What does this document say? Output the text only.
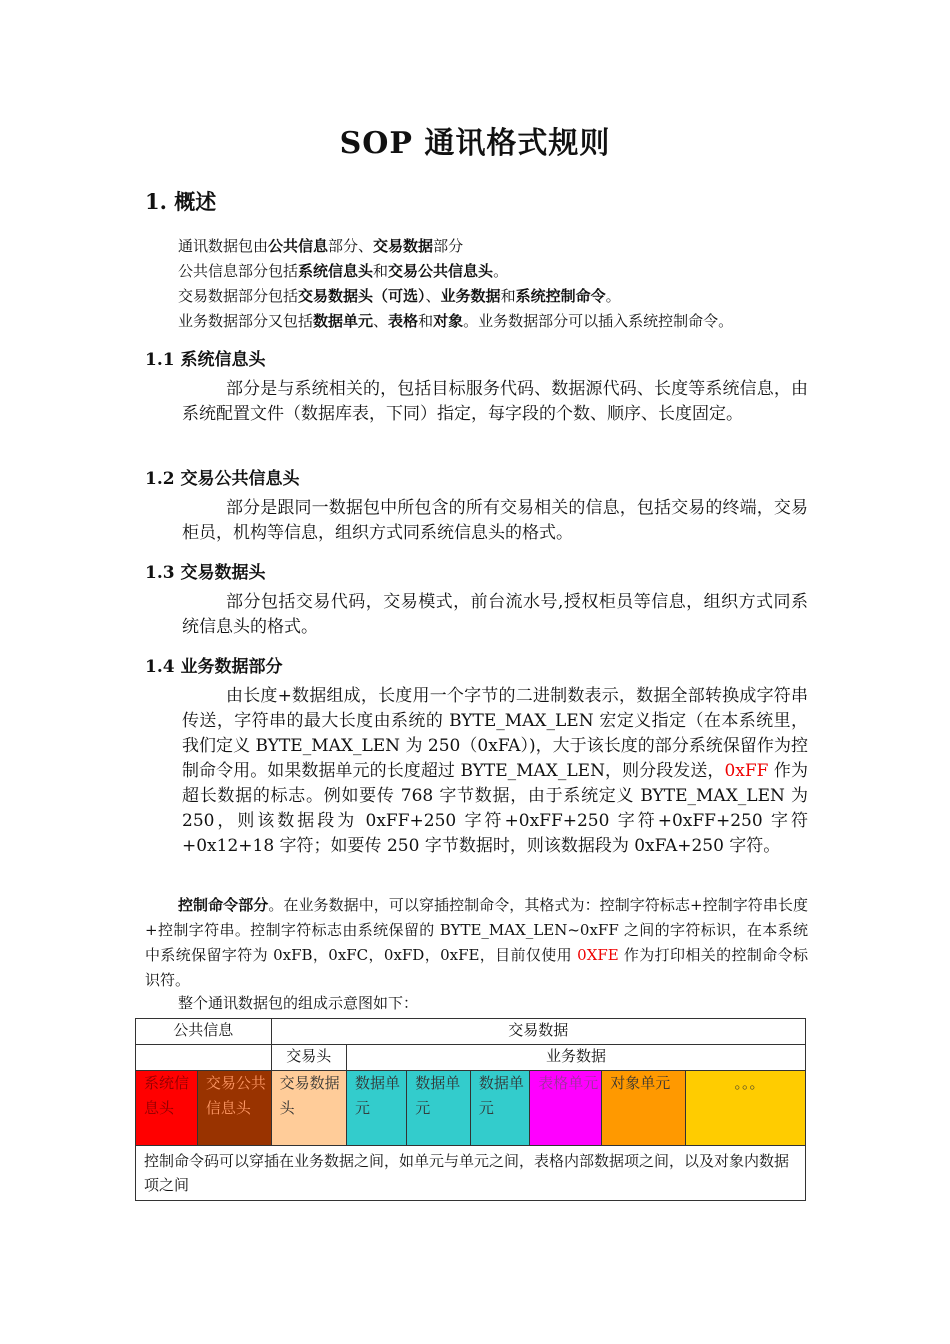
SOP 通讯格式规则
1. 概述
通讯数据包由公共信息部分、交易数据部分
公共信息部分包括系统信息头和交易公共信息头。
交易数据部分包括交易数据头（可选）、业务数据和系统控制命令。
业务数据部分又包括数据单元、表格和对象。业务数据部分可以插入系统控制命令。
1.1 系统信息头
部分是与系统相关的，包括目标服务代码、数据源代码、长度等系统信息，由系统配置文件（数据库表，下同）指定，每字段的个数、顺序、长度固定。
1.2 交易公共信息头
部分是跟同一数据包中所包含的所有交易相关的信息，包括交易的终端，交易柜员，机构等信息，组织方式同系统信息头的格式。
1.3 交易数据头
部分包括交易代码，交易模式，前台流水号,授权柜员等信息，组织方式同系统信息头的格式。
1.4 业务数据部分
由长度+数据组成，长度用一个字节的二进制数表示，数据全部转换成字符串传送，字符串的最大长度由系统的 BYTE_MAX_LEN 宏定义指定（在本系统里，我们定义 BYTE_MAX_LEN 为 250（0xFA）)，大于该长度的部分系统保留作为控制命令用。如果数据单元的长度超过 BYTE_MAX_LEN，则分段发送，0xFF 作为超长数据的标志。例如要传 768 字节数据，由于系统定义 BYTE_MAX_LEN 为 250，则该数据段为 0xFF+250 字符+0xFF+250 字符+0xFF+250 字符+0x12+18 字符；如要传 250 字节数据时，则该数据段为 0xFA+250 字符。
控制命令部分。在业务数据中，可以穿插控制命令，其格式为：控制字符标志+控制字符串长度+控制字符串。控制字符标志由系统保留的 BYTE_MAX_LEN~0xFF 之间的字符标识，在本系统中系统保留字符为 0xFB，0xFC，0xFD，0xFE，目前仅使用 0XFE 作为打印相关的控制命令标识符。
整个通讯数据包的组成示意图如下：
公共信息		交易数据						
		交易头	业务数据					
系统信息头	交易公共信息头	交易数据头	数据单元	数据单元	数据单元	表格单元	对象单元	。。。
控制命令码可以穿插在业务数据之间，如单元与单元之间，表格内部数据项之间，以及对象内数据项之间								
